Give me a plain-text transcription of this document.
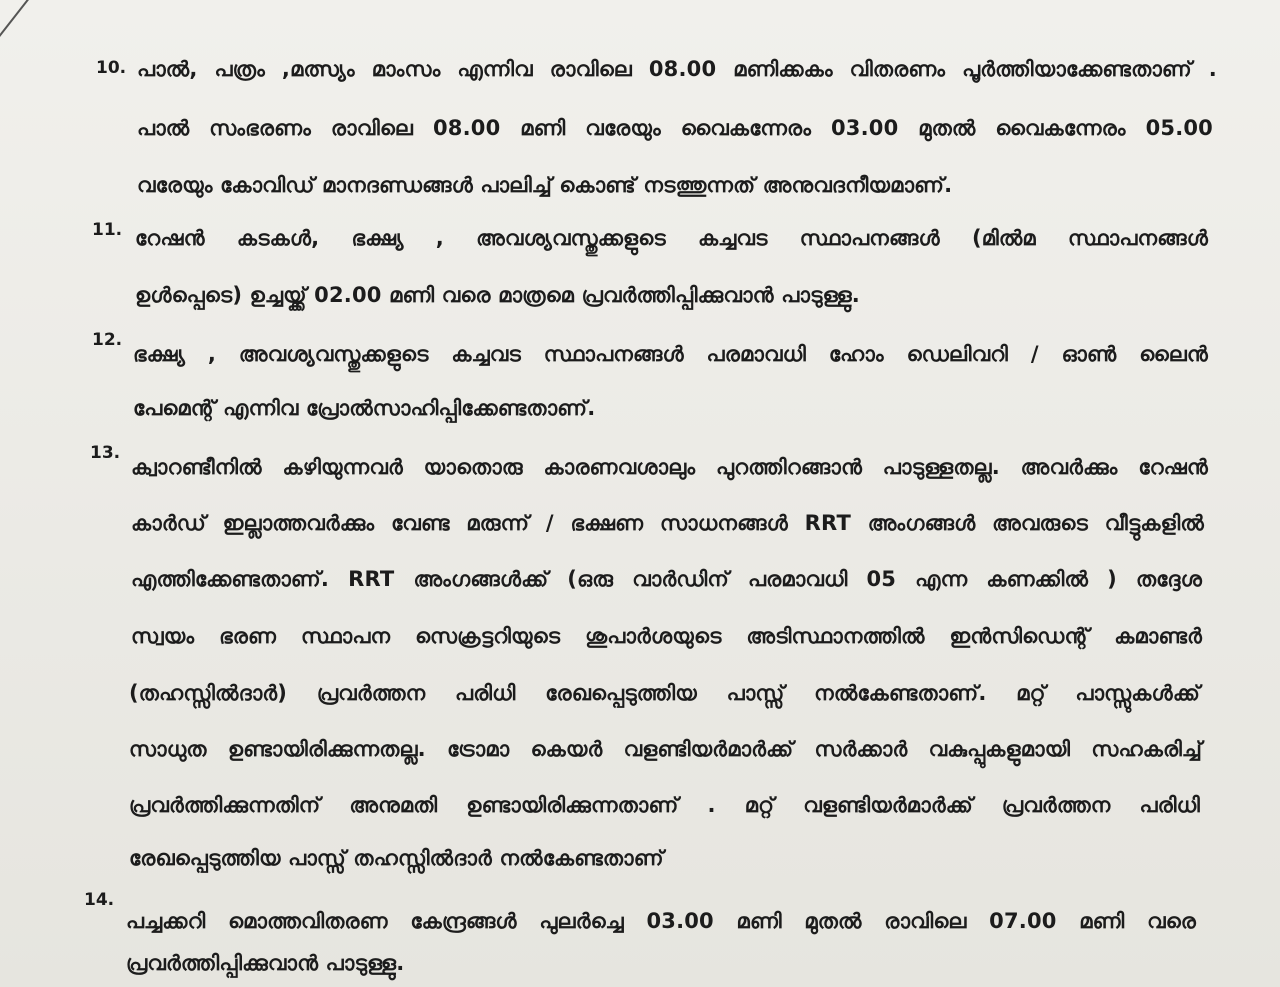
10. പാൽ, പത്രം ,മത്സ്യം മാംസം എന്നിവ രാവിലെ 08.00 മണിക്കകം വിതരണം പൂർത്തിയാക്കേണ്ടതാണ് .
പാൽ സംഭരണം രാവിലെ 08.00 മണി വരേയും വൈകന്നേരം 03.00 മുതൽ വൈകന്നേരം 05.00
വരേയും കോവിഡ് മാനദണ്ഡങ്ങൾ പാലിച്ച് കൊണ്ട് നടത്തുന്നത് അനുവദനീയമാണ്.
11. റേഷൻ കടകൾ, ഭക്ഷ്യ , അവശ്യവസ്തുക്കളുടെ കച്ചവട സ്ഥാപനങ്ങൾ (മിൽമ സ്ഥാപനങ്ങൾ
ഉൾപ്പെടെ) ഉച്ചയ്ക്ക് 02.00 മണി വരെ മാത്രമെ പ്രവർത്തിപ്പിക്കുവാൻ പാടുള്ളു.
12.
ഭക്ഷ്യ , അവശ്യവസ്തുക്കളുടെ കച്ചവട സ്ഥാപനങ്ങൾ പരമാവധി ഹോം ഡെലിവറി / ഓൺ ലൈൻ
പേമെന്റ് എന്നിവ പ്രോൽസാഹിപ്പിക്കേണ്ടതാണ്.
13.
ക്വാറണ്ടീനിൽ കഴിയുന്നവർ യാതൊരു കാരണവശാലും പുറത്തിറങ്ങാൻ പാടുള്ളതല്ല. അവർക്കും റേഷൻ
കാർഡ് ഇല്ലാത്തവർക്കും വേണ്ട മരുന്ന് / ഭക്ഷണ സാധനങ്ങൾ RRT അംഗങ്ങൾ അവരുടെ വീട്ടുകളിൽ
എത്തിക്കേണ്ടതാണ്. RRT അംഗങ്ങൾക്ക് (ഒരു വാർഡിന് പരമാവധി 05 എന്ന കണക്കിൽ ) തദ്ദേശ
സ്വയം ഭരണ സ്ഥാപന സെക്രട്ടറിയുടെ ശുപാർശയുടെ അടിസ്ഥാനത്തിൽ ഇൻസിഡെന്റ് കമാണ്ടർ
(തഹസ്സിൽദാർ) പ്രവർത്തന പരിധി രേഖപ്പെടുത്തിയ പാസ്സ് നൽകേണ്ടതാണ്. മറ്റ് പാസ്സുകൾക്ക്
സാധുത ഉണ്ടായിരിക്കുന്നതല്ല. ട്രോമാ കെയർ വളണ്ടിയർമാർക്ക് സർക്കാർ വകുപ്പുകളുമായി സഹകരിച്ച്
പ്രവർത്തിക്കുന്നതിന് അനുമതി ഉണ്ടായിരിക്കുന്നതാണ് . മറ്റ് വളണ്ടിയർമാർക്ക് പ്രവർത്തന പരിധി
രേഖപ്പെടുത്തിയ പാസ്സ് തഹസ്സിൽദാർ നൽകേണ്ടതാണ്
14.
പച്ചക്കറി മൊത്തവിതരണ കേന്ദ്രങ്ങൾ പുലർച്ചെ 03.00 മണി മുതൽ രാവിലെ 07.00 മണി വരെ
പ്രവർത്തിപ്പിക്കുവാൻ പാടുള്ളു.
